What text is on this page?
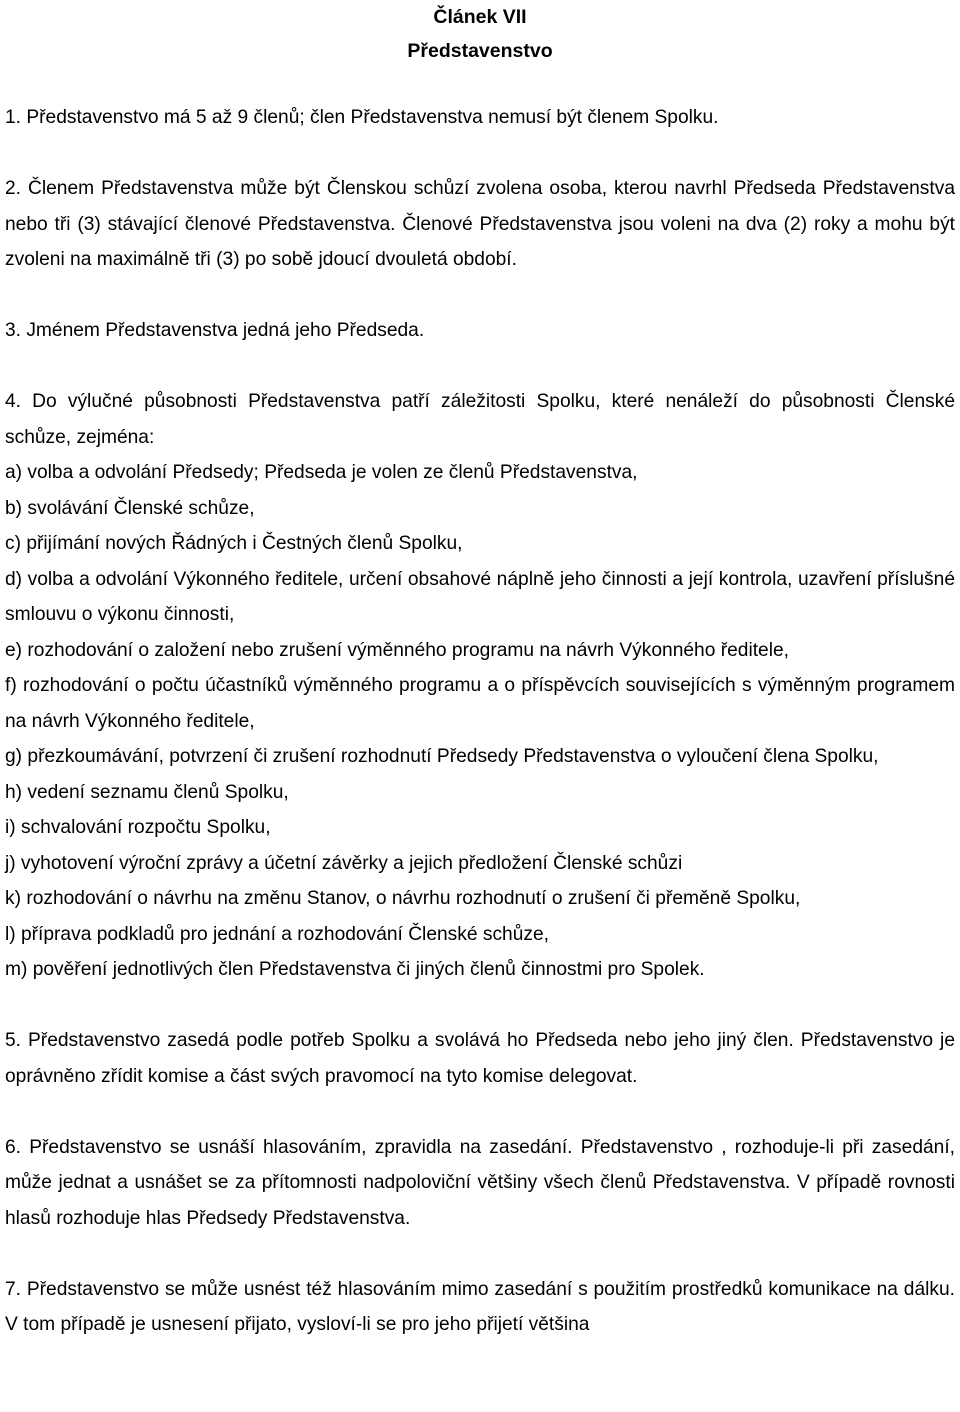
Článek VII
Představenstvo
1. Představenstvo má 5 až 9 členů; člen Představenstva nemusí být členem Spolku.
2. Členem Představenstva může být Členskou schůzí zvolena osoba, kterou navrhl Předseda Představenstva nebo tři (3) stávající členové Představenstva. Členové Představenstva jsou voleni na dva (2) roky a mohu být zvoleni na maximálně tři (3) po sobě jdoucí dvouletá období.
3. Jménem Představenstva jedná jeho Předseda.
4. Do výlučné působnosti Představenstva patří záležitosti Spolku, které nenáleží do působnosti Členské schůze, zejména:
a) volba a odvolání Předsedy; Předseda je volen ze členů Představenstva,
b) svolávání Členské schůze,
c) přijímání nových Řádných i Čestných členů Spolku,
d) volba a odvolání Výkonného ředitele, určení obsahové náplně jeho činnosti a její kontrola, uzavření příslušné smlouvu o výkonu činnosti,
e) rozhodování o založení nebo zrušení výměnného programu na návrh Výkonného ředitele,
f) rozhodování o počtu účastníků výměnného programu a o příspěvcích souvisejících s výměnným programem na návrh Výkonného ředitele,
g) přezkoumávání, potvrzení či zrušení rozhodnutí Předsedy Představenstva o vyloučení člena Spolku,
h) vedení seznamu členů Spolku,
i) schvalování rozpočtu Spolku,
j) vyhotovení výroční zprávy a účetní závěrky a jejich předložení Členské schůzi
k) rozhodování o návrhu na změnu Stanov, o návrhu rozhodnutí o zrušení či přeměně Spolku,
l) příprava podkladů pro jednání a rozhodování Členské schůze,
m) pověření jednotlivých člen Představenstva či jiných členů činnostmi pro Spolek.
5. Představenstvo zasedá podle potřeb Spolku a svolává ho Předseda nebo jeho jiný člen. Představenstvo je oprávněno zřídit komise a část svých pravomocí na tyto komise delegovat.
6. Představenstvo se usnáší hlasováním, zpravidla na zasedání. Představenstvo , rozhoduje-li při zasedání, může jednat a usnášet se za přítomnosti nadpoloviční většiny všech členů Představenstva. V případě rovnosti hlasů rozhoduje hlas Předsedy Představenstva.
7. Představenstvo se může usnést též hlasováním mimo zasedání s použitím prostředků komunikace na dálku. V tom případě je usnesení přijato, vysloví-li se pro jeho přijetí většina
